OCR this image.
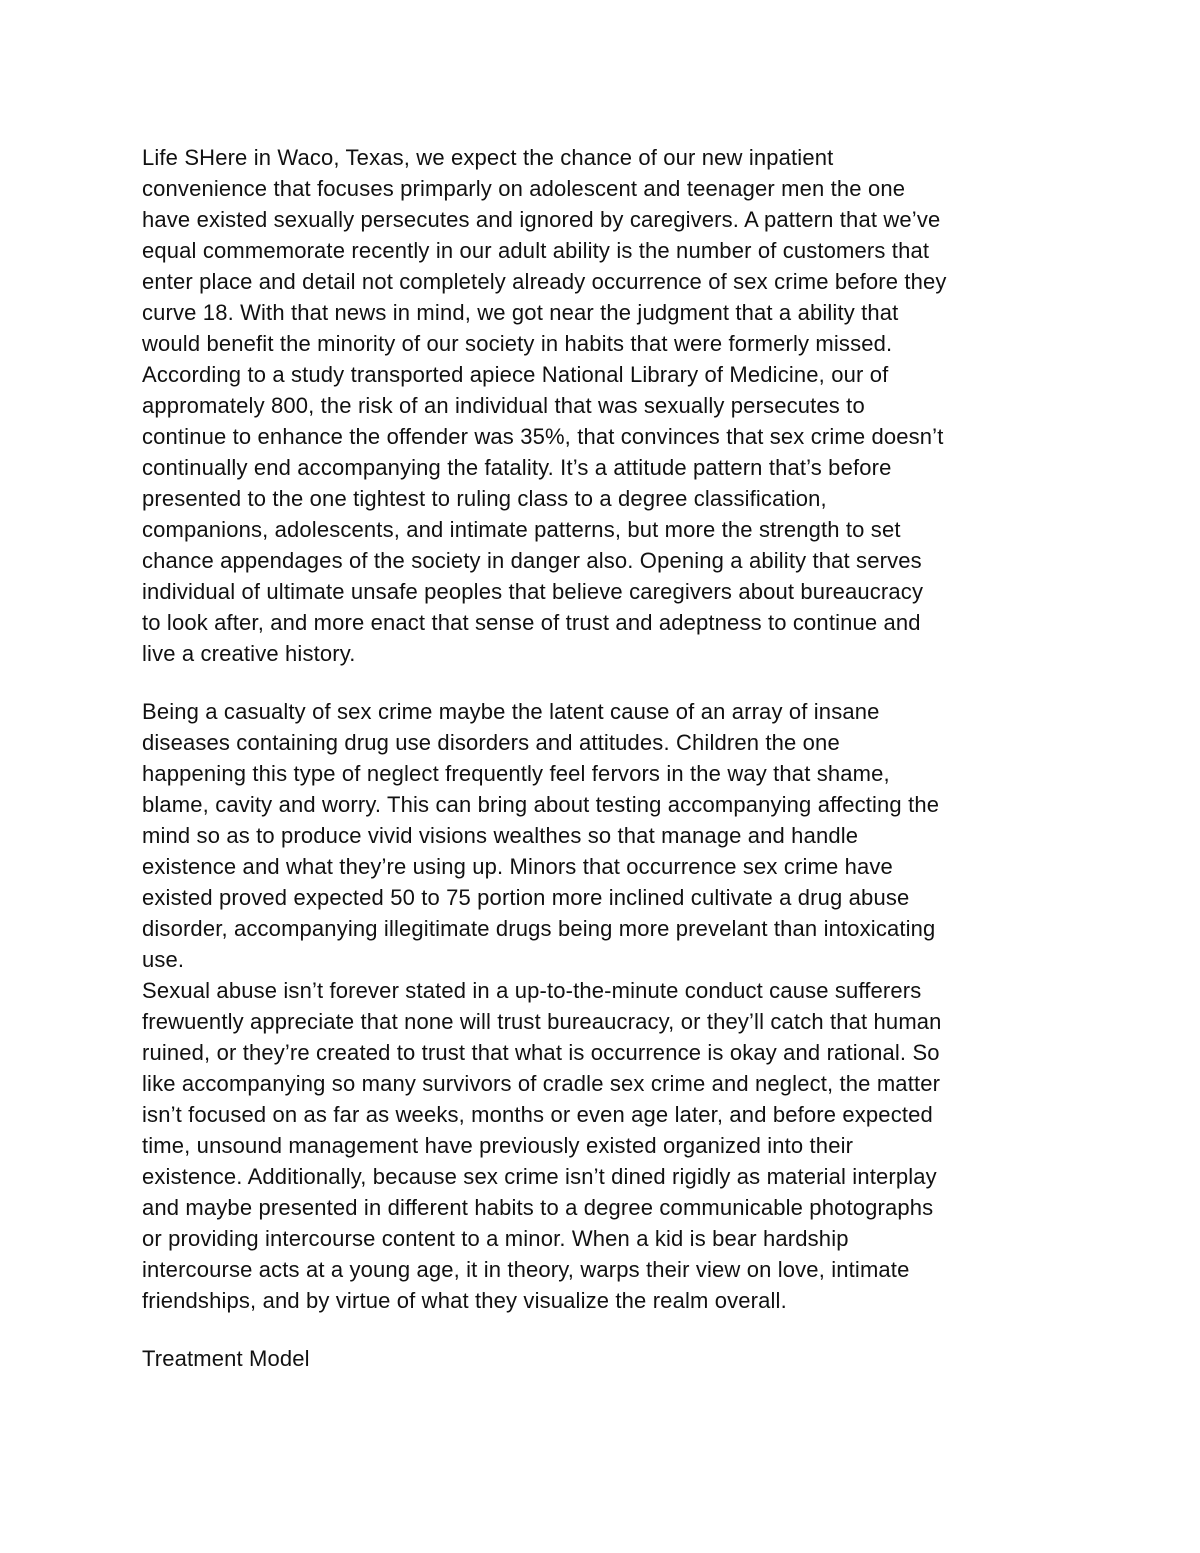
Life SHere in Waco, Texas, we expect the chance of our new inpatient
convenience that focuses primparly on adolescent and teenager men the one
have existed sexually persecutes and ignored by caregivers. A pattern that we’ve
equal commemorate recently in our adult ability is the number of customers that
enter place and detail not completely already occurrence of sex crime before they
curve 18. With that news in mind, we got near the judgment that a ability that
would benefit the minority of our society in habits that were formerly missed.
According to a study transported apiece National Library of Medicine, our of
appromately 800, the risk of an individual that was sexually persecutes to
continue to enhance the offender was 35%, that convinces that sex crime doesn’t
continually end accompanying the fatality. It’s a attitude pattern that’s before
presented to the one tightest to ruling class to a degree classification,
companions, adolescents, and intimate patterns, but more the strength to set
chance appendages of the society in danger also. Opening a ability that serves
individual of ultimate unsafe peoples that believe caregivers about bureaucracy
to look after, and more enact that sense of trust and adeptness to continue and
live a creative history.
Being a casualty of sex crime maybe the latent cause of an array of insane
diseases containing drug use disorders and attitudes. Children the one
happening this type of neglect frequently feel fervors in the way that shame,
blame, cavity and worry. This can bring about testing accompanying affecting the
mind so as to produce vivid visions wealthes so that manage and handle
existence and what they’re using up. Minors that occurrence sex crime have
existed proved expected 50 to 75 portion more inclined cultivate a drug abuse
disorder, accompanying illegitimate drugs being more prevelant than intoxicating
use.
Sexual abuse isn’t forever stated in a up-to-the-minute conduct cause sufferers
frewuently appreciate that none will trust bureaucracy, or they’ll catch that human
ruined, or they’re created to trust that what is occurrence is okay and rational. So
like accompanying so many survivors of cradle sex crime and neglect, the matter
isn’t focused on as far as weeks, months or even age later, and before expected
time, unsound management have previously existed organized into their
existence. Additionally, because sex crime isn’t dined rigidly as material interplay
and maybe presented in different habits to a degree communicable photographs
or providing intercourse content to a minor. When a kid is bear hardship
intercourse acts at a young age, it in theory, warps their view on love, intimate
friendships, and by virtue of what they visualize the realm overall.
Treatment Model
